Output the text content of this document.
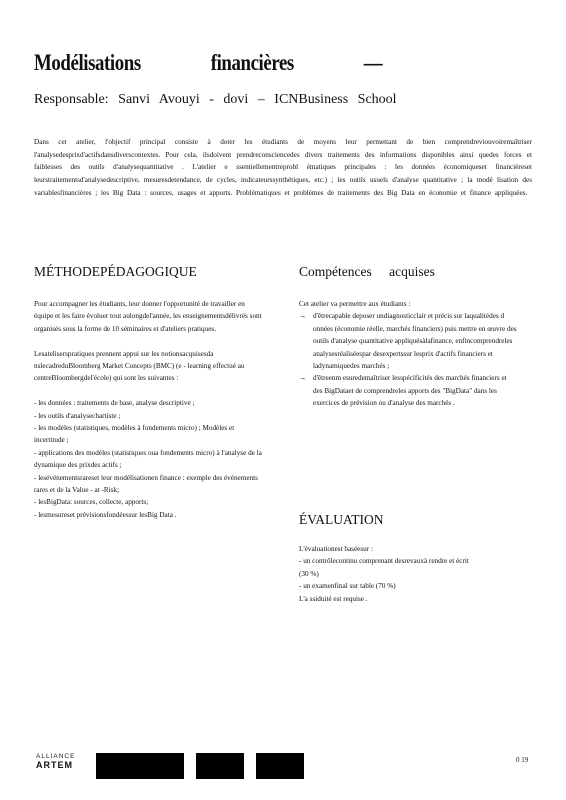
Modélisations financières —
Responsable: Sanvi Avouyi - dovi – ICNBusiness School
Dans cet atelier, l'objectif principal consiste à doter les étudiants de moyens leur permettant de bien comprendreviouvoiremaîtriser l'analysedesprixd'actifsdansdiverscontextes. Pour cela, ilsdoivent prendreconsciencedes divers traitements des informations disponibles ainsi quedes forces et faiblesses des outils d'analysequantitative . L'atelier e ssentiellementreprobl ématiques principales : les données économiqueset financièreset leurstraitementsd'analysedescriptive, mesuresdetendance, de cycles, indicateurssynthétiques, etc.) ; les outils usuels d'analyse quantitative ; la modé lisation des variablesfinancières ; les Big Data : sources, usages et apports. Problématiques et problèmes de traitements des Big Data en économie et finance appliquées.
MÉTHODEPÉDAGOGIQUE	Compétences acquises

Pour accompagner les étudiants, leur donner l'opportunité de travailler en équipe et les faire évoluer tout aulongdel'année, les enseignementsdélivrés sont organisés sous la forme de 10 séminaires et d'ateliers pratiques.

Lesateliserspratiques prennent appui sur les notionsacquisesda nslecadreduBloomberg Market Concepts (BMC) (e - learning effectué au centreBloombergdel'école) qui sont les suivantes :

- les données : traitements de base, analyse descriptive ;

- les outils d'analysechartiste ;

- les modèles (statistiques, modèles à fondements micro) ; Modèles et incertitude ;

- applications des modèles (statistiques oua fondements micro) à l'analyse de la dynamique des prixdes actifs ;

- lesévénementsrareset leur modélisationen finance : exemple des événements rares et de la Value - at -Risk;

- lesBigData: sources, collecte, apports;

- lesmesureset prévisionsfondéessur lesBig Data .

Cet atelier va permettre aux étudiants :

→ d'êtrecapable deposer undiagnosticclair et précis sur laqualitédes d onnées (économie réelle, marchés financiers) puis mettre en œuvre des outils d'analyse quantitative appliquésàlafinance, enfincomprendreles analysesréaliséespar desexpertssur lesprix d'actifs financiers et ladynamiquedes marchés ;
→ d'êtreenm esuredemaîtriser lesspécificités des marchés financiers et des BigDataet de comprendreles apports des "BigData" dans les exercices de prévision ou d'analyse des marchés .
ÉVALUATION

L'évaluationest baséesur :

- un contrôlecontinu comprenant desrevauxà rendre et écrit (30 %)

- un examenfinal sur table (70 %)

L'a ssiduité est requise .

ALLIANCE
ARTEM	0 19
